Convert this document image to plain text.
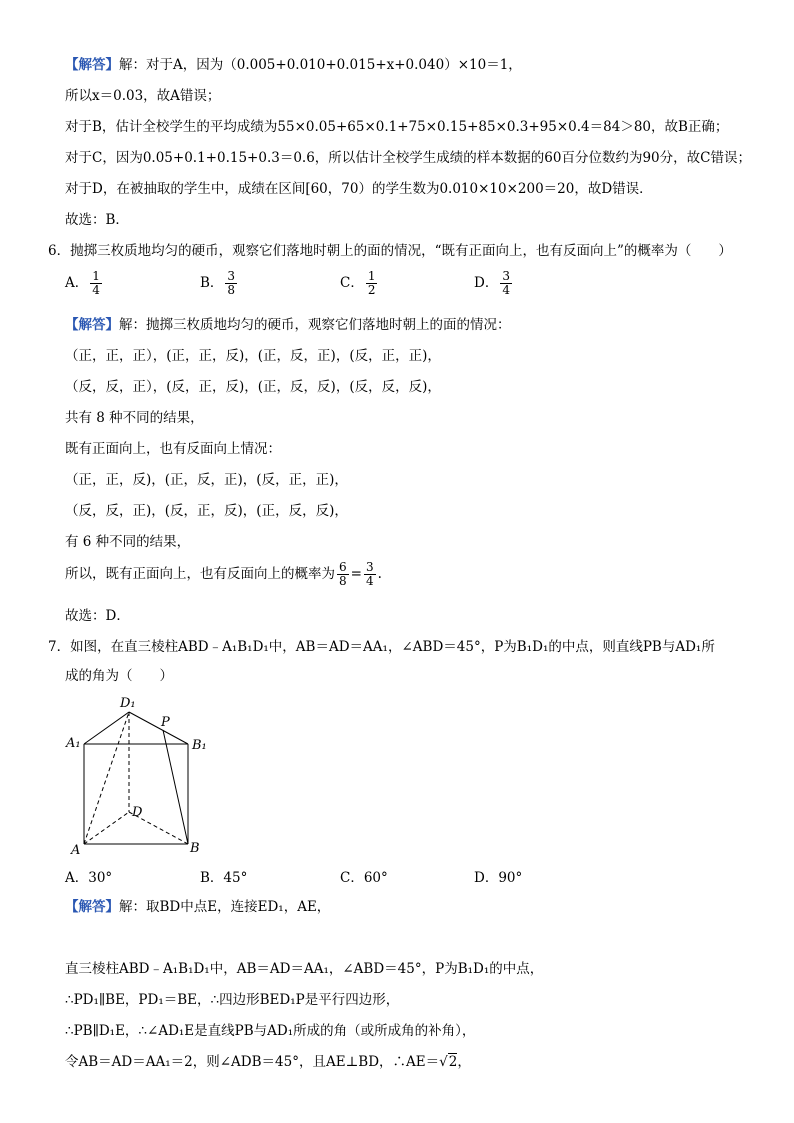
【解答】解：对于A，因为（0.005+0.010+0.015+x+0.040）×10＝1，
所以x＝0.03，故A错误；
对于B，估计全校学生的平均成绩为55×0.05+65×0.1+75×0.15+85×0.3+95×0.4＝84＞80，故B正确；
对于C，因为0.05+0.1+0.15+0.3＝0.6，所以估计全校学生成绩的样本数据的60百分位数约为90分，故C错误；
对于D，在被抽取的学生中，成绩在区间[60，70）的学生数为0.010×10×200＝20，故D错误．
故选：B．
6．抛掷三枚质地均匀的硬币，观察它们落地时朝上的面的情况，“既有正面向上，也有反面向上”的概率为（　　）
A． $\frac{1}{4}$	B． $\frac{3}{8}$	C． $\frac{1}{2}$	D． $\frac{3}{4}$
【解答】解：抛掷三枚质地均匀的硬币，观察它们落地时朝上的面的情况：
（正，正，正），(正，正，反)，(正，反，正)，(反，正，正)，
（反，反，正），(反，正，反)，(正，反，反)，(反，反，反)，
共有 8 种不同的结果，
既有正面向上，也有反面向上情况：
（正，正，反)，(正，反，正)，(反，正，正)，
（反，反，正)，(反，正，反)，(正，反，反)，
有 6 种不同的结果，
所以，既有正面向上，也有反面向上的概率为 $\frac{6}{8} = \frac{3}{4}$ .
故选：D．
7．如图，在直三棱柱ABD﹣A₁B₁D₁中，AB＝AD＝AA₁，∠ABD＝45°，P为B₁D₁的中点，则直线PB与AD₁所
成的角为（　　）
D₁
P
A₁	B₁
D
A	B
A．30°	B．45°	C．60°	D．90°
【解答】解：取BD中点E，连接ED₁，AE，
直三棱柱ABD﹣A₁B₁D₁中，AB＝AD＝AA₁，∠ABD＝45°，P为B₁D₁的中点，
∴PD₁∥BE，PD₁＝BE，∴四边形BED₁P是平行四边形，
∴PB∥D₁E，∴∠AD₁E是直线PB与AD₁所成的角（或所成角的补角），
令AB＝AD＝AA₁＝2，则∠ADB＝45°，且AE⊥BD，∴AE＝√2，
